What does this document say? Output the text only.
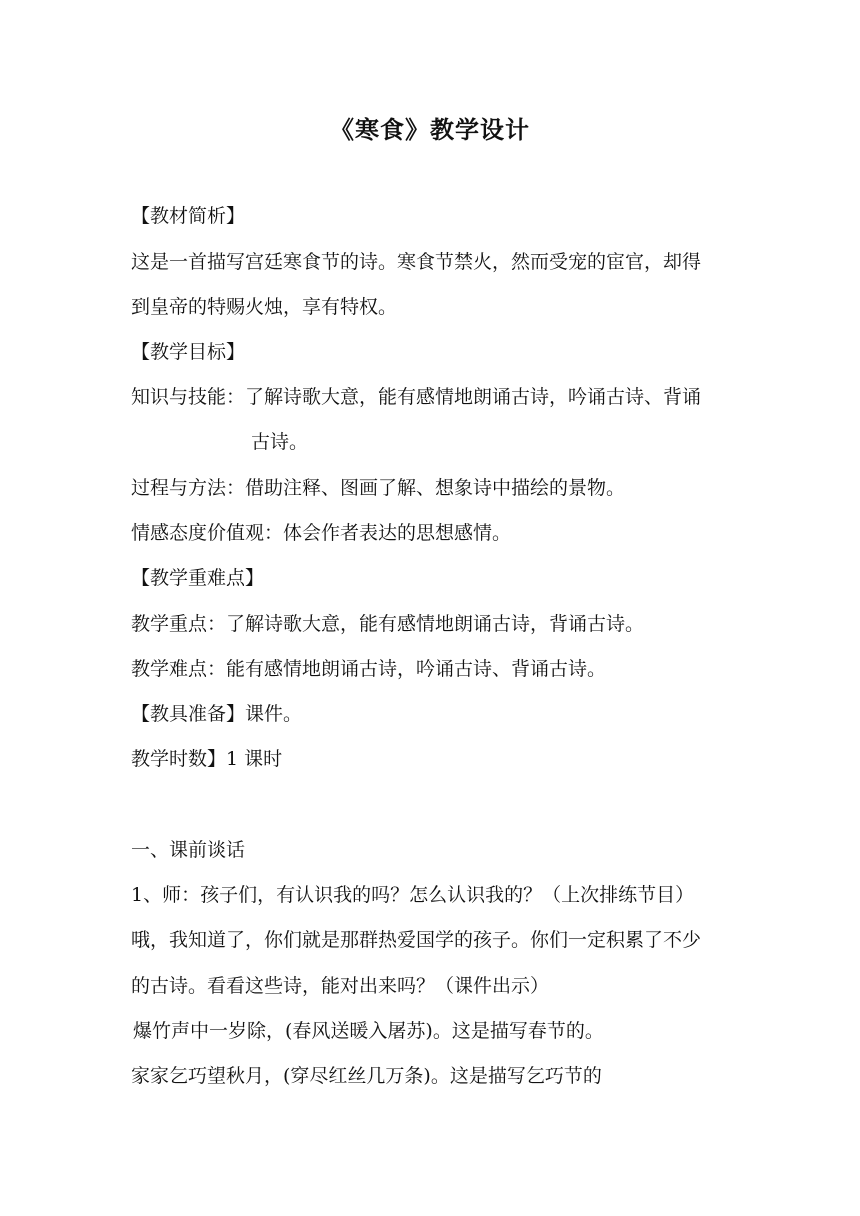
《寒食》教学设计
【教材简析】
这是一首描写宫廷寒食节的诗。寒食节禁火，然而受宠的宦官，却得
到皇帝的特赐火烛，享有特权。
【教学目标】
知识与技能：了解诗歌大意，能有感情地朗诵古诗，吟诵古诗、背诵
古诗。
过程与方法：借助注释、图画了解、想象诗中描绘的景物。
情感态度价值观：体会作者表达的思想感情。
【教学重难点】
教学重点：了解诗歌大意，能有感情地朗诵古诗，背诵古诗。
教学难点：能有感情地朗诵古诗，吟诵古诗、背诵古诗。
【教具准备】课件。
教学时数】1 课时
一、课前谈话
1、师：孩子们，有认识我的吗？怎么认识我的？（上次排练节目）
哦，我知道了，你们就是那群热爱国学的孩子。你们一定积累了不少
的古诗。看看这些诗，能对出来吗？（课件出示）
爆竹声中一岁除，(春风送暖入屠苏)。这是描写春节的。
家家乞巧望秋月，(穿尽红丝几万条)。这是描写乞巧节的
